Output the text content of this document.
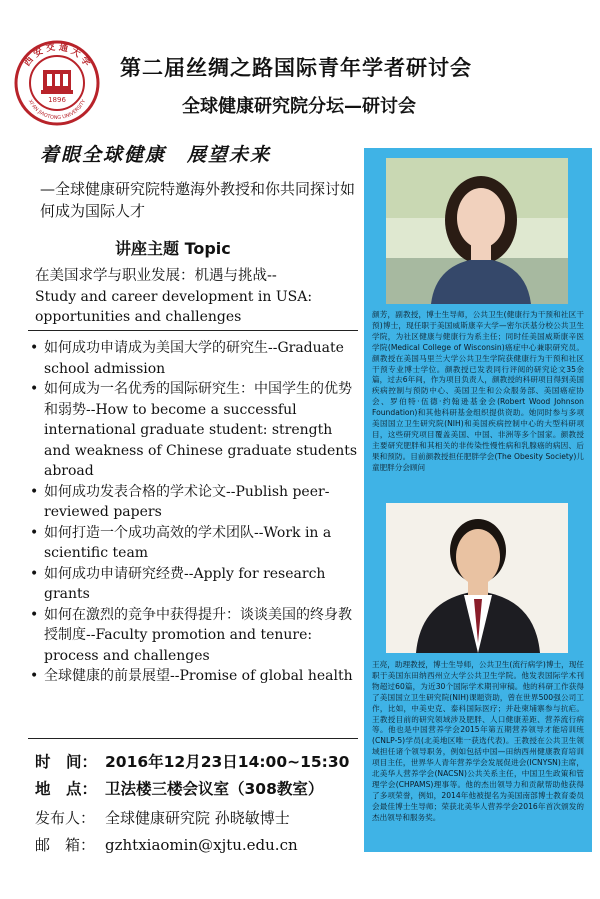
1896
西 安 交 通 大 学
XI'AN JIAOTONG UNIVERSITY
第二届丝绸之路国际青年学者研讨会
全球健康研究院分坛—研讨会
着眼全球健康　展望未来
—全球健康研究院特邀海外教授和你共同探讨如何成为国际人才
讲座主题 Topic
在美国求学与职业发展：机遇与挑战--
Study and career development in USA: opportunities and challenges
• 如何成功申请成为美国大学的研究生--Graduate school admission
• 如何成为一名优秀的国际研究生：中国学生的优势和弱势--How to become a successful international graduate student: strength and weakness of Chinese graduate students abroad
• 如何成功发表合格的学术论文--Publish peer-reviewed papers
• 如何打造一个成功高效的学术团队--Work in a scientific team
• 如何成功申请研究经费--Apply for research grants
• 如何在激烈的竞争中获得提升：谈谈美国的终身教授制度--Faculty promotion and tenure: process and challenges
• 全球健康的前景展望--Promise of global health
时　间： 2016年12月23日14:00~15:30
地　点： 卫法楼三楼会议室（308教室）
发布人： 全球健康研究院 孙晓敏博士
邮　箱： gzhtxiaomin@xjtu.edu.cn
颜芳，副教授，博士生导师，公共卫生(健康行为干预和社区干预)博士，现任职于美国威斯康辛大学—密尔沃基分校公共卫生学院，为社区健康与健康行为系主任；同时任美国威斯康辛医学院(Medical College of Wisconsin)癌症中心兼职研究员。颜教授在美国马里兰大学公共卫生学院获健康行为干预和社区干预专业博士学位。颜教授已发表同行评阅的研究论文35余篇，过去6年间，作为项目负责人，颜教授的科研项目得到美国疾病控制与预防中心、美国卫生和公众服务部、美国癌症协会、罗伯特·伍德·约翰逊基金会(Robert Wood Johnson Foundation)和其他科研基金组织提供资助。她同时参与多项美国国立卫生研究院(NIH)和美国疾病控制中心的大型科研项目，这些研究项目覆盖美国、中国、非洲等多个国家。颜教授主要研究肥胖和其相关的非传染性慢性病和乳腺癌的病因、后果和预防。目前颜教授担任肥胖学会(The Obesity Society)儿童肥胖分会顾问
王亮，助理教授，博士生导师，公共卫生(流行病学)博士，现任职于美国东田纳西州立大学公共卫生学院。他发表国际学术刊物超过60篇，为近30个国际学术期刊审稿。他的科研工作获得了美国国立卫生研究院(NIH)课题资助，曾在世界500强公司工作，比如，中美史克、泰科国际医疗；并赴柬埔寨参与抗疟。王教授目前的研究领域涉及肥胖、人口健康差距、营养流行病等。他也是中国营养学会2015年第五期营养领导才能培训班(CNLP-5)学员(北美地区唯一获选代表)。王教授在公共卫生领域担任诸个领导职务，例如包括中国—田纳西州健康教育培训项目主任，世界华人青年营养学会发展促进会(ICNYSN)主席，北美华人营养学会(NACSN)公共关系主任，中国卫生政策和管理学会(CHPAMS)理事等。他的杰出领导力和贡献帮助他获得了多项荣誉，例如，2014年他被提名为美国南部博士教育委员会最佳博士生导师；荣获北美华人营养学会2016年首次颁发的杰出领导和服务奖。
